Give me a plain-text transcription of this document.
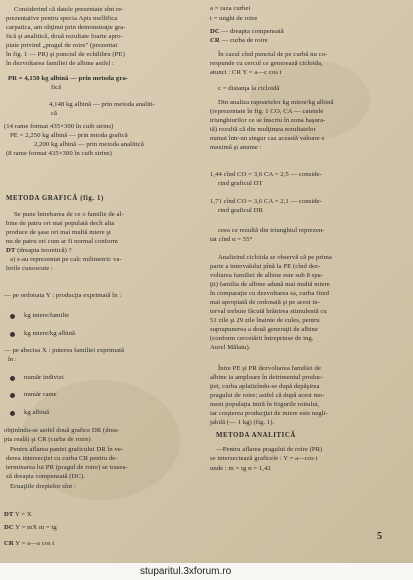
Considerind că datele prezentate sînt re-
prezentative pentru specia Apis mellifica
carpatica, am obţinut prin demonstraţie gra-
fică şi analitică, două rezultate foarte apro-
piate privind „pragul de roire" (prezentat
în fig. 1 — PR) şi punctul de echilibru (PE)
în dezvoltarea familiei de albine astfel :
PR = 4,150 kg albină — prin metoda gra-
fică
4,148 kg albină — prin metoda analiti-
că
(14 rame format 435×300 în cuib strins)
PE = 2,250 kg albină — prin mtoda grafică
2,200 kg albină — prin metoda analitică
(8 rame format 435×300 în cuib strins)
METODA GRAFICĂ (fig. 1)
Se pune întrebarea de ce o familie de al-
bine de patru ori mai populată decît alta
produce de şase ori mai multă miere şi
nu de patru ori cum ar fi normal conform
DT (dreapta teoretică) ?
a) s-au reprezentat pe calc milimetric va-
lorile cunoscute :
— pe ordonata Y : producţia exprimată în :
kg miere/familie
kg miere/kg albină
— pe abscisa X : puterea familiei exprimată
în :
număr indivizi
număr rame
kg albină
obţinîndu-se astfel două grafice DR (drea-
pta reală) şi CR (curba de roire)
Pentru aflarea pantei graficului DR în ve-
derea intersecţiei cu curba CR pentru de-
terminarea lui PR (pragul de roire) se trasea-
ză dreapta compensată (DC).
Ecuaţiile dreptelor sînt :
DT Y = X
DC Y = mX m = tg
CR Y = a—a cos t
a = raza curbei
t = unghi de roire
DC — dreapta compensată
CR — curba de roire
În cazul cînd punctul de pe curbă nu co-
respunde cu cercul ce generează cicloida,
atunci : CR Y = a—c cos t
c = distanţa la cicloidă
Din analiza rapoartelor kg miere/kg albină
(reprezentate în fig. 1 CO, CA — catetele
triunghiurilor ce se înscriu în zona haşura-
tă) rezultă că din mulţimea rezultatelor
numai într-un singur caz această valoare e
maximă şi anume :
1,44 cînd CO = 3,6 CA = 2,5 — conside-
rind graficul DT
1,71 cînd CO = 3,6 CA = 2,1 — conside-
rind graficul DR
ceea ce rezultă din triunghiul reprezen-
tat cînd α = 55°
Analizind cicloida se observă că pe prima
parte a intervalului pînă la PE (cînd dez-
voltarea familiei de albine este sub 8 spa-
ţii) familia de albine adună mai multă miere
în comparaţie cu dezvoltarea sa, curba fiind
mai apropiată de ordonată şi pe acest in-
terval trebuie făcută hrănirea stimulentă cu
51 zile şi 29 zile înainte de cules, pentru
suprapunerea a două generaţii de albine
(conform cercetării întreprinse de ing.
Aurel Mălaiu).
Între PE şi PR dezvoltarea familiei de
albine ia amploare în detrimentul produc-
ţiei, curba aplatizîndu-se după depăşirea
pragului de roire; astfel că după acest mo-
ment populaţia intră în frigurile roitului,
iar creşterea producţiei de miere este negli-
jabilă (— 1 kg) (fig. 1).
METODA ANALITICĂ
—Pentru aflarea pragului de roire (PR)
se intersectează graficele : Y = a—cos t
unde : m = tg α = 1,42
5
stuparitul.3xforum.ro
